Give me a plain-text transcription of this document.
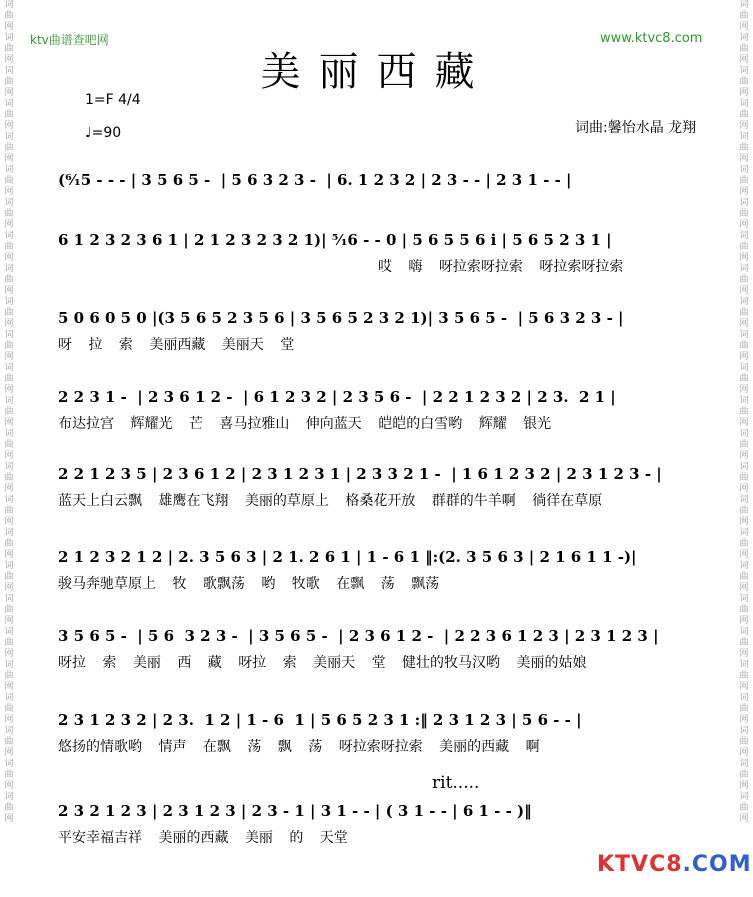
词曲网词曲网词曲网词曲网词曲网词曲网词曲网词曲网词曲网词曲网词曲网词曲网词曲网词曲网词曲网词曲网词曲网词曲网词曲网词曲网词曲网词曲网词曲网词曲网词曲网
词曲网词曲网词曲网词曲网词曲网词曲网词曲网词曲网词曲网词曲网词曲网词曲网词曲网词曲网词曲网词曲网词曲网词曲网词曲网词曲网词曲网词曲网词曲网词曲网词曲网
ktv曲谱查吧网	www.ktvc8.com
美丽西藏
1=F 4/4
♩=90	词曲:馨怡水晶 龙翔
(⁶⁄₁5 - - - | 3 5 6 5 -  | 5 6 3 2 3 -  | 6. 1 2 3 2 | 2 3 - - | 2 3 1 - - |
6 1 2 3 2 3 6 1 | 2 1 2 3 2 3 2 1)| ⁵⁄₁6 - - 0 | 5 6 5 5 6 i | 5 6 5 2 3 1 |
哎 嗨 呀拉索呀拉索 呀拉索呀拉索
5 0 6 0 5 0 |(3 5 6 5 2 3 5 6 | 3 5 6 5 2 3 2 1)| 3 5 6 5 -  | 5 6 3 2 3 - |
呀 拉 索 美丽西藏 美丽天 堂
2 2 3 1 -  | 2 3 6 1 2 -  | 6 1 2 3 2 | 2 3 5 6 -  | 2 2 1 2 3 2 | 2 3.  2 1 |
布达拉宫 辉耀光 芒 喜马拉雅山 伸向蓝天 皑皑的白雪哟 辉耀 银光
2 2 1 2 3 5 | 2 3 6 1 2 | 2 3 1 2 3 1 | 2 3 3 2 1 -  | 1 6 1 2 3 2 | 2 3 1 2 3 - |
蓝天上白云飘 雄鹰在飞翔 美丽的草原上 格桑花开放 群群的牛羊啊 徜徉在草原
2 1 2 3 2 1 2 | 2. 3 5 6 3 | 2 1. 2 6 1 | 1 - 6 1 ‖:(2. 3 5 6 3 | 2 1 6 1 1 -)|
骏马奔驰草原上 牧 歌飘荡 哟 牧歌 在飘 荡 飘荡
3 5 6 5 -  | 5 6  3 2 3 -  | 3 5 6 5 -  | 2 3 6 1 2 -  | 2 2 3 6 1 2 3 | 2 3 1 2 3 |
呀拉 索 美丽 西 藏 呀拉 索 美丽天 堂 健壮的牧马汉哟 美丽的姑娘
2 3 1 2 3 2 | 2 3.  1 2 | 1 - 6  1 | 5 6 5 2 3 1 :‖ 2 3 1 2 3 | 5 6 - - |
悠扬的情歌哟 情声 在飘 荡 飘 荡 呀拉索呀拉索 美丽的西藏 啊
rit.....
2 3 2 1 2 3 | 2 3 1 2 3 | 2 3 - 1 | 3 1 - - | ( 3 1 - - | 6 1 - - )‖
平安幸福吉祥 美丽的西藏 美丽 的 天堂
KTVC8.COM
